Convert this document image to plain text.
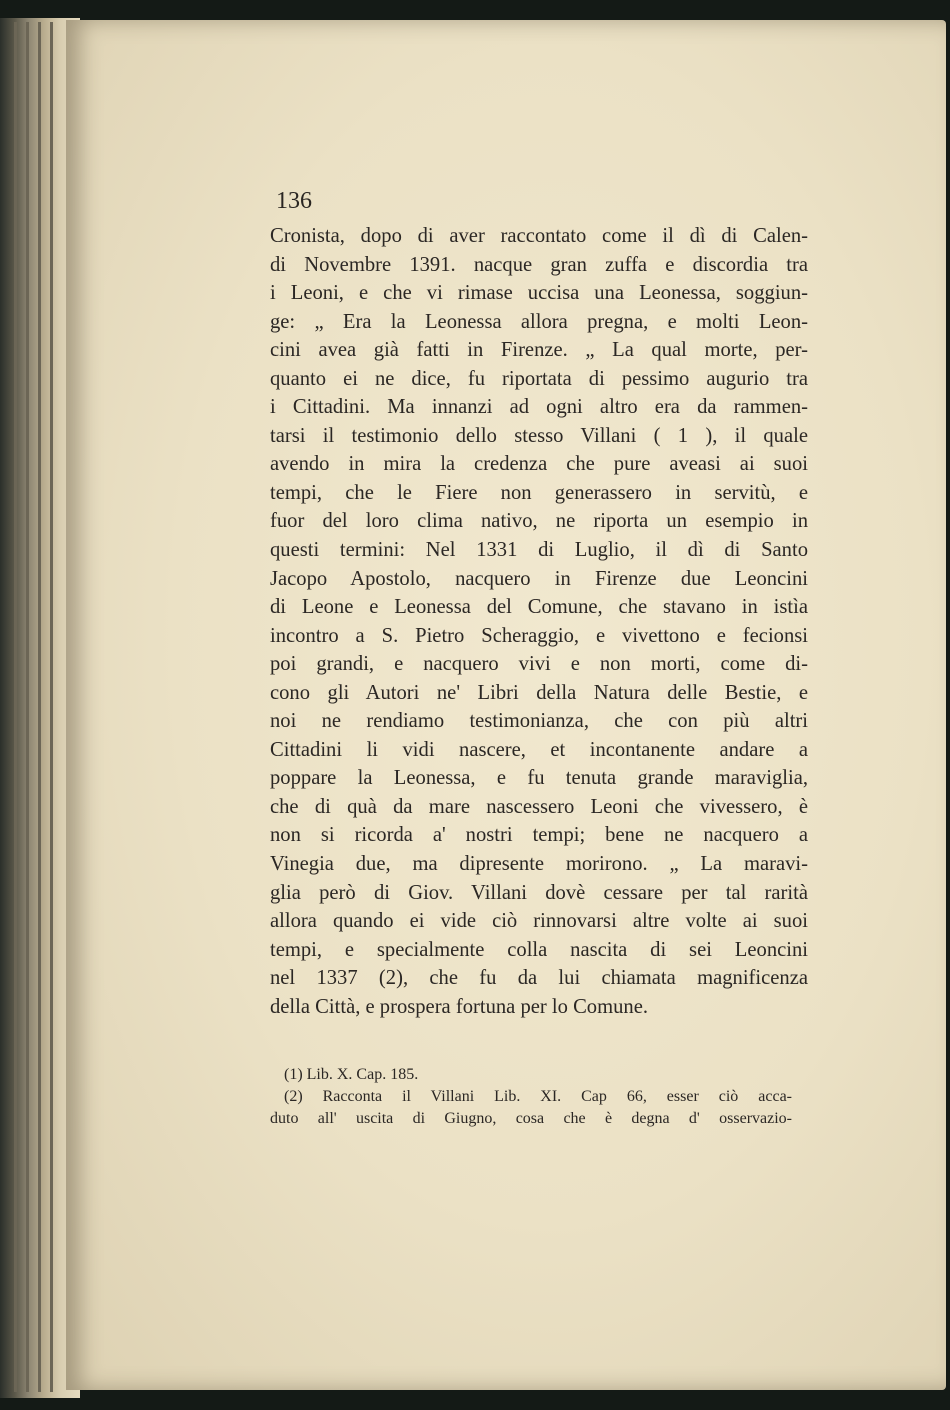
136
Cronista, dopo di aver raccontato come il dì di Calen-
di Novembre 1391. nacque gran zuffa e discordia tra
i Leoni, e che vi rimase uccisa una Leonessa, soggiun-
ge: „ Era la Leonessa allora pregna, e molti Leon-
cini avea già fatti in Firenze. „ La qual morte, per-
quanto ei ne dice, fu riportata di pessimo augurio tra
i Cittadini. Ma innanzi ad ogni altro era da rammen-
tarsi il testimonio dello stesso Villani ( 1 ), il quale
avendo in mira la credenza che pure aveasi ai suoi
tempi, che le Fiere non generassero in servitù, e
fuor del loro clima nativo, ne riporta un esempio in
questi termini: Nel 1331 di Luglio, il dì di Santo
Jacopo Apostolo, nacquero in Firenze due Leoncini
di Leone e Leonessa del Comune, che stavano in istìa
incontro a S. Pietro Scheraggio, e vivettono e fecionsi
poi grandi, e nacquero vivi e non morti, come di-
cono gli Autori ne' Libri della Natura delle Bestie, e
noi ne rendiamo testimonianza, che con più altri
Cittadini li vidi nascere, et incontanente andare a
poppare la Leonessa, e fu tenuta grande maraviglia,
che di quà da mare nascessero Leoni che vivessero, è
non si ricorda a' nostri tempi; bene ne nacquero a
Vinegia due, ma dipresente morirono. „ La maravi-
glia però di Giov. Villani dovè cessare per tal rarità
allora quando ei vide ciò rinnovarsi altre volte ai suoi
tempi, e specialmente colla nascita di sei Leoncini
nel 1337 (2), che fu da lui chiamata magnificenza
della Città, e prospera fortuna per lo Comune.
(1) Lib. X. Cap. 185.
(2) Racconta il Villani Lib. XI. Cap 66, esser ciò acca-
duto all' uscita di Giugno, cosa che è degna d' osservazio-
